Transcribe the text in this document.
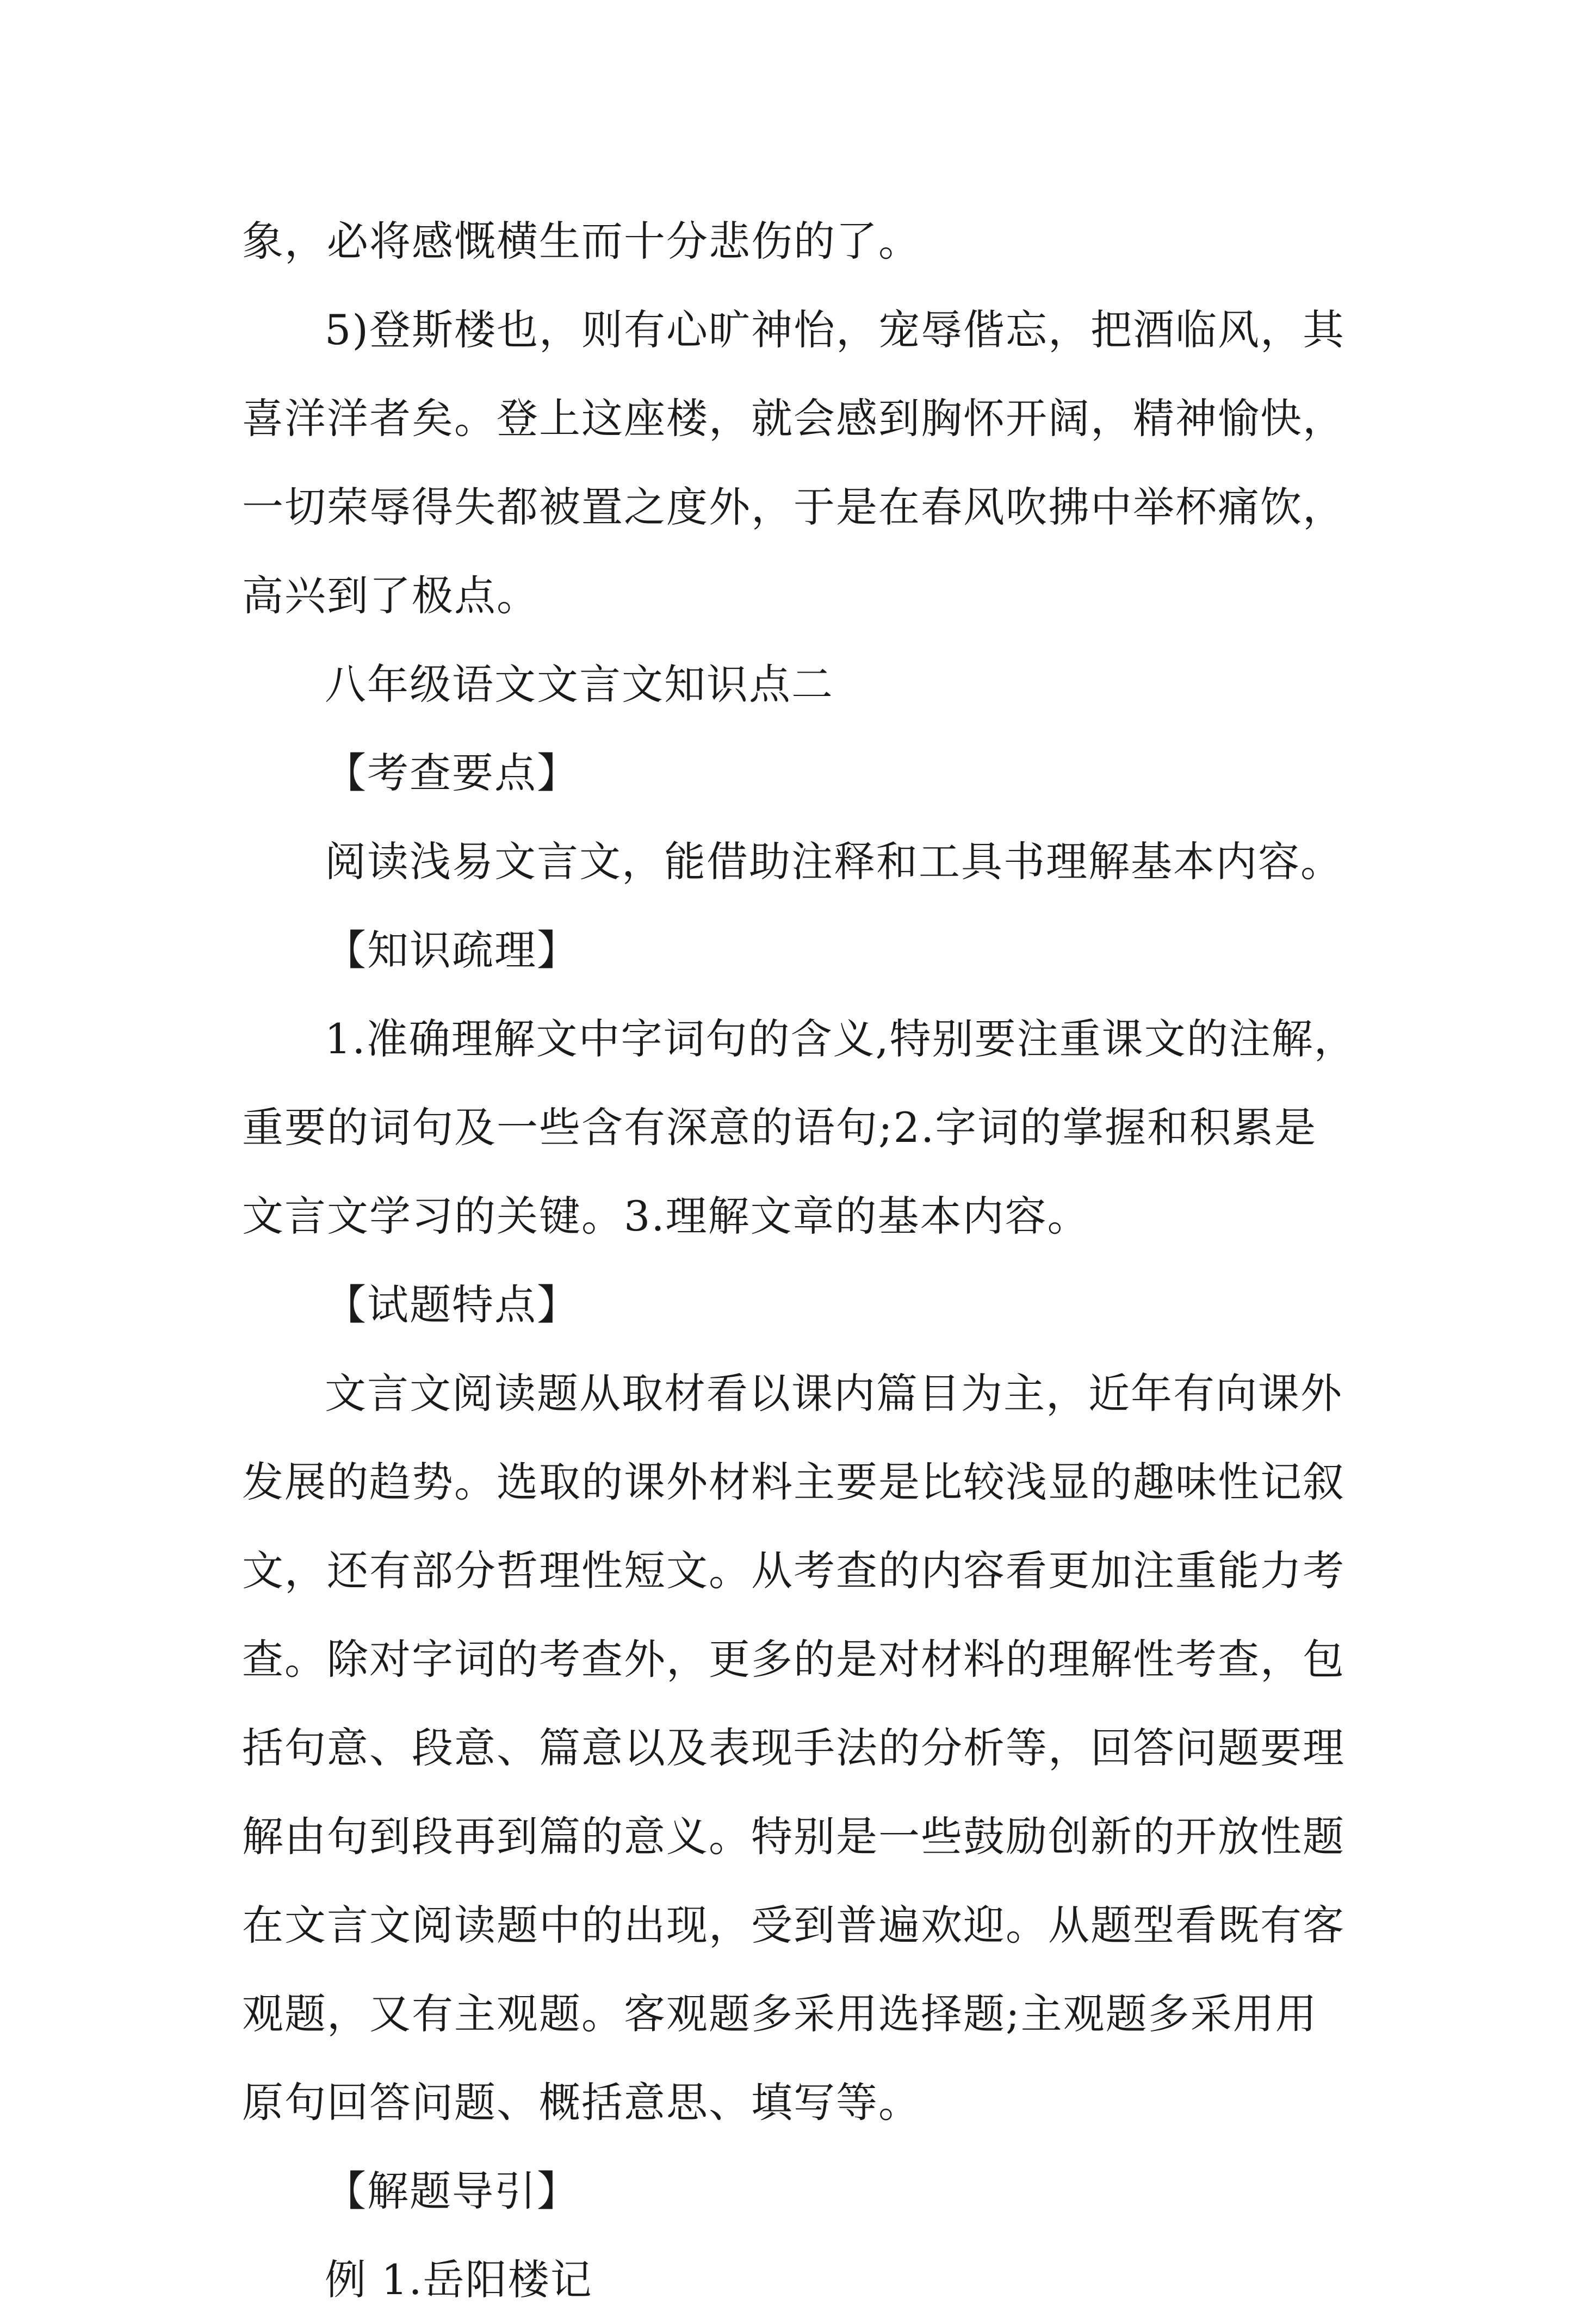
象，必将感慨横生而十分悲伤的了。
5)登斯楼也，则有心旷神怡，宠辱偕忘，把酒临风，其
喜洋洋者矣。登上这座楼，就会感到胸怀开阔，精神愉快，
一切荣辱得失都被置之度外，于是在春风吹拂中举杯痛饮，
高兴到了极点。
八年级语文文言文知识点二
【考查要点】
阅读浅易文言文，能借助注释和工具书理解基本内容。
【知识疏理】
1.准确理解文中字词句的含义,特别要注重课文的注解，
重要的词句及一些含有深意的语句;2.字词的掌握和积累是
文言文学习的关键。3.理解文章的基本内容。
【试题特点】
文言文阅读题从取材看以课内篇目为主，近年有向课外
发展的趋势。选取的课外材料主要是比较浅显的趣味性记叙
文，还有部分哲理性短文。从考查的内容看更加注重能力考
查。除对字词的考查外，更多的是对材料的理解性考查，包
括句意、段意、篇意以及表现手法的分析等，回答问题要理
解由句到段再到篇的意义。特别是一些鼓励创新的开放性题
在文言文阅读题中的出现，受到普遍欢迎。从题型看既有客
观题，又有主观题。客观题多采用选择题;主观题多采用用
原句回答问题、概括意思、填写等。
【解题导引】
例 1.岳阳楼记
